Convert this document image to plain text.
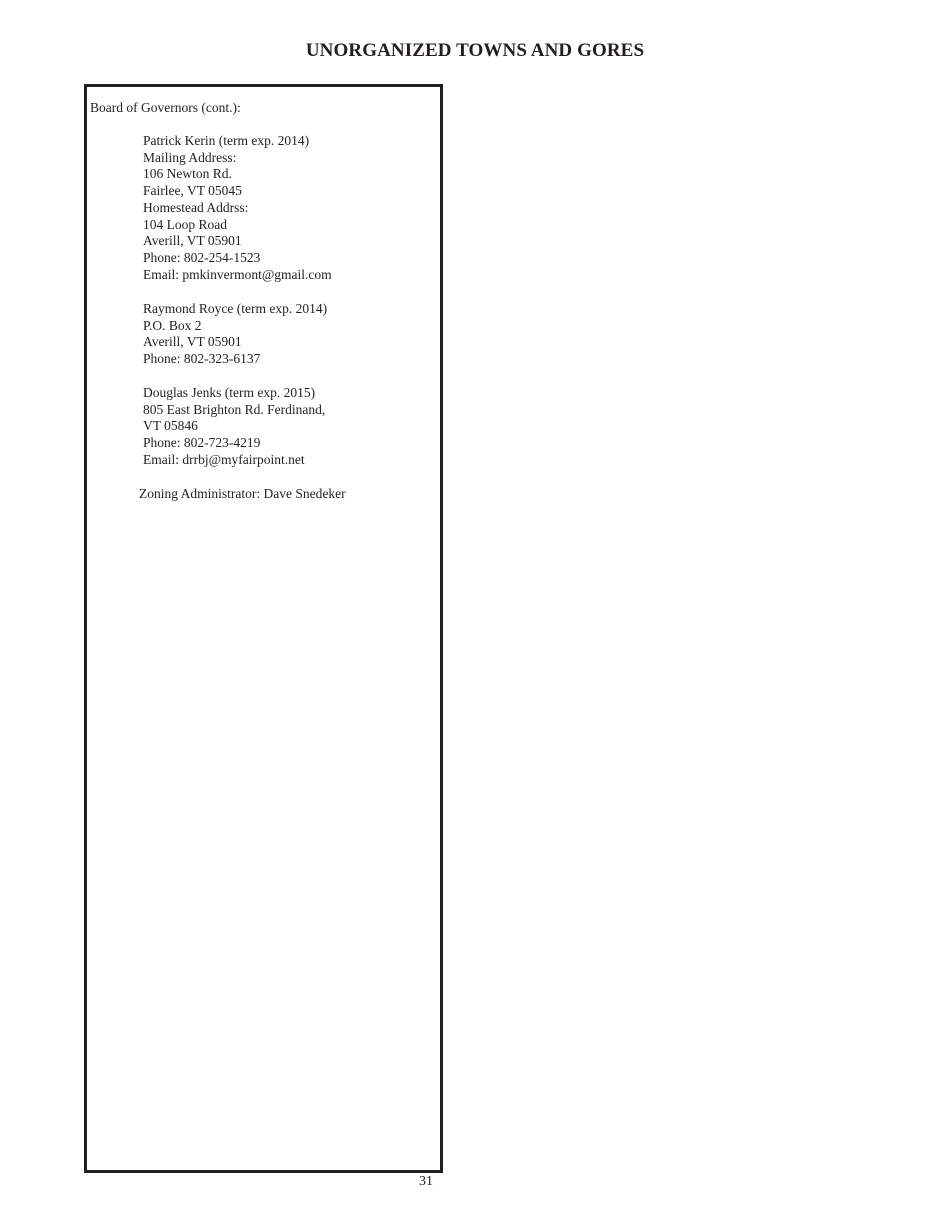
UNORGANIZED TOWNS AND GORES
Board of Governors (cont.):
Patrick Kerin (term exp. 2014)
Mailing Address:
106 Newton Rd.
Fairlee, VT 05045
Homestead Addrss:
104 Loop Road
Averill, VT 05901
Phone: 802-254-1523
Email: pmkinvermont@gmail.com
Raymond Royce (term exp. 2014)
P.O. Box 2
Averill, VT 05901
Phone: 802-323-6137
Douglas Jenks (term exp. 2015)
805 East Brighton Rd. Ferdinand,
VT 05846
Phone: 802-723-4219
Email: drrbj@myfairpoint.net
Zoning Administrator: Dave Snedeker
31
